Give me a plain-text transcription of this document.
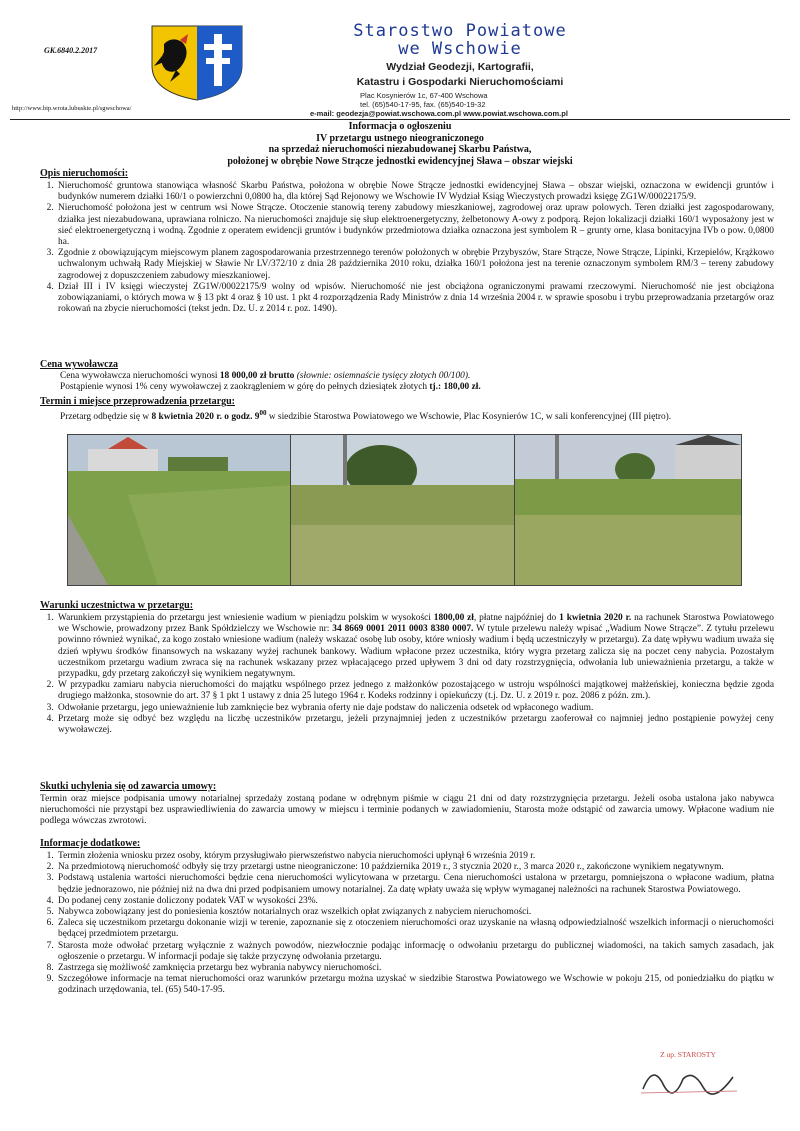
GK.6840.2.2017
http://www.bip.wrota.lubuskie.pl/sgwschowa/
Starostwo Powiatowe
we Wschowie
Wydział Geodezji, Kartografii,
Katastru i Gospodarki Nieruchomościami
Plac Kosynierów 1c, 67-400 Wschowa
tel. (65)540-17-95, fax. (65)540-19-32
e-mail: geodezja@powiat.wschowa.com.pl www.powiat.wschowa.com.pl
Informacja o ogłoszeniu
IV przetargu ustnego nieograniczonego
na sprzedaż nieruchomości niezabudowanej Skarbu Państwa,
położonej w obrębie Nowe Strącze jednostki ewidencyjnej Sława – obszar wiejski
Opis nieruchomości:
1. Nieruchomość gruntowa stanowiąca własność Skarbu Państwa, położona w obrębie Nowe Strącze jednostki ewidencyjnej Sława – obszar wiejski, oznaczona w ewidencji gruntów i budynków numerem działki 160/1 o powierzchni 0,0800 ha, dla której Sąd Rejonowy we Wschowie IV Wydział Ksiąg Wieczystych prowadzi księgę ZG1W/00022175/9.
2. Nieruchomość położona jest w centrum wsi Nowe Strącze. Otoczenie stanowią tereny zabudowy mieszkaniowej, zagrodowej oraz upraw polowych. Teren działki jest zagospodarowany, działka jest niezabudowana, uprawiana rolniczo. Na nieruchomości znajduje się słup elektroenergetyczny, żelbetonowy A-owy z podporą. Rejon lokalizacji działki 160/1 wyposażony jest w sieć elektroenergetyczną i wodną. Zgodnie z operatem ewidencji gruntów i budynków przedmiotowa działka oznaczona jest symbolem R – grunty orne, klasa bonitacyjna IVb o pow. 0,0800 ha.
3. Zgodnie z obowiązującym miejscowym planem zagospodarowania przestrzennego terenów położonych w obrębie Przybyszów, Stare Strącze, Nowe Strącze, Lipinki, Krzepielów, Krążkowo uchwalonym uchwałą Rady Miejskiej w Sławie Nr LV/372/10 z dnia 28 października 2010 roku, działka 160/1 położona jest na terenie oznaczonym symbolem RM/3 – tereny zabudowy zagrodowej z dopuszczeniem zabudowy mieszkaniowej.
4. Dział III i IV księgi wieczystej ZG1W/00022175/9 wolny od wpisów. Nieruchomość nie jest obciążona ograniczonymi prawami rzeczowymi. Nieruchomość nie jest obciążona zobowiązaniami, o których mowa w § 13 pkt 4 oraz § 10 ust. 1 pkt 4 rozporządzenia Rady Ministrów z dnia 14 września 2004 r. w sprawie sposobu i trybu przeprowadzania przetargów oraz rokowań na zbycie nieruchomości (tekst jedn. Dz. U. z 2014 r. poz. 1490).
Cena wywoławcza
Cena wywoławcza nieruchomości wynosi 18 000,00 zł brutto (słownie: osiemnaście tysięcy złotych 00/100).
Postąpienie wynosi 1% ceny wywoławczej z zaokrągleniem w górę do pełnych dziesiątek złotych tj.: 180,00 zł.
Termin i miejsce przeprowadzenia przetargu:
Przetarg odbędzie się w 8 kwietnia 2020 r. o godz. $9^{00}$ w siedzibie Starostwa Powiatowego we Wschowie, Plac Kosynierów 1C, w sali konferencyjnej (III piętro).
Warunki uczestnictwa w przetargu:
1. Warunkiem przystąpienia do przetargu jest wniesienie wadium w pieniądzu polskim w wysokości 1800,00 zł, płatne najpóźniej do 1 kwietnia 2020 r. na rachunek Starostwa Powiatowego we Wschowie, prowadzony przez Bank Spółdzielczy we Wschowie nr: 34 8669 0001 2011 0003 8380 0007. W tytule przelewu należy wpisać „Wadium Nowe Strącze”. Z tytułu przelewu powinno również wynikać, za kogo zostało wniesione wadium (należy wskazać osobę lub osoby, które wniosły wadium i będą uczestniczyły w przetargu). Za datę wpływu wadium uważa się dzień wpływu środków finansowych na wskazany wyżej rachunek bankowy. Wadium wpłacone przez uczestnika, który wygra przetarg zalicza się na poczet ceny nabycia. Pozostałym uczestnikom przetargu wadium zwraca się na rachunek wskazany przez wpłacającego przed upływem 3 dni od daty rozstrzygnięcia, odwołania lub unieważnienia przetargu, a także w przypadku, gdy przetarg zakończył się wynikiem negatywnym.
2. W przypadku zamiaru nabycia nieruchomości do majątku wspólnego przez jednego z małżonków pozostającego w ustroju wspólności majątkowej małżeńskiej, konieczna będzie zgoda drugiego małżonka, stosownie do art. 37 § 1 pkt 1 ustawy z dnia 25 lutego 1964 r. Kodeks rodzinny i opiekuńczy (t.j. Dz. U. z 2019 r. poz. 2086 z późn. zm.).
3. Odwołanie przetargu, jego unieważnienie lub zamknięcie bez wybrania oferty nie daje podstaw do naliczenia odsetek od wpłaconego wadium.
4. Przetarg może się odbyć bez względu na liczbę uczestników przetargu, jeżeli przynajmniej jeden z uczestników przetargu zaoferował co najmniej jedno postąpienie powyżej ceny wywoławczej.
Skutki uchylenia się od zawarcia umowy:
Termin oraz miejsce podpisania umowy notarialnej sprzedaży zostaną podane w odrębnym piśmie w ciągu 21 dni od daty rozstrzygnięcia przetargu. Jeżeli osoba ustalona jako nabywca nieruchomości nie przystąpi bez usprawiedliwienia do zawarcia umowy w miejscu i terminie podanych w zawiadomieniu, Starosta może odstąpić od zawarcia umowy. Wpłacone wadium nie podlega wówczas zwrotowi.
Informacje dodatkowe:
1. Termin złożenia wniosku przez osoby, którym przysługiwało pierwszeństwo nabycia nieruchomości upłynął 6 września 2019 r.
2. Na przedmiotową nieruchomość odbyły się trzy przetargi ustne nieograniczone: 10 października 2019 r., 3 stycznia 2020 r., 3 marca 2020 r., zakończone wynikiem negatywnym.
3. Podstawą ustalenia wartości nieruchomości będzie cena nieruchomości wylicytowana w przetargu. Cena nieruchomości ustalona w przetargu, pomniejszona o wpłacone wadium, płatna będzie jednorazowo, nie później niż na dwa dni przed podpisaniem umowy notarialnej. Za datę wpłaty uważa się wpływ wymaganej należności na rachunek Starostwa Powiatowego.
4. Do podanej ceny zostanie doliczony podatek VAT w wysokości 23%.
5. Nabywca zobowiązany jest do poniesienia kosztów notarialnych oraz wszelkich opłat związanych z nabyciem nieruchomości.
6. Zaleca się uczestnikom przetargu dokonanie wizji w terenie, zapoznanie się z otoczeniem nieruchomości oraz uzyskanie na własną odpowiedzialność wszelkich informacji o nieruchomości będącej przedmiotem przetargu.
7. Starosta może odwołać przetarg wyłącznie z ważnych powodów, niezwłocznie podając informację o odwołaniu przetargu do publicznej wiadomości, na takich samych zasadach, jak ogłoszenie o przetargu. W informacji podaje się także przyczynę odwołania przetargu.
8. Zastrzega się możliwość zamknięcia przetargu bez wybrania nabywcy nieruchomości.
9. Szczegółowe informacje na temat nieruchomości oraz warunków przetargu można uzyskać w siedzibie Starostwa Powiatowego we Wschowie w pokoju 215, od poniedziałku do piątku w godzinach urzędowania, tel. (65) 540-17-95.
Z up. STAROSTY
